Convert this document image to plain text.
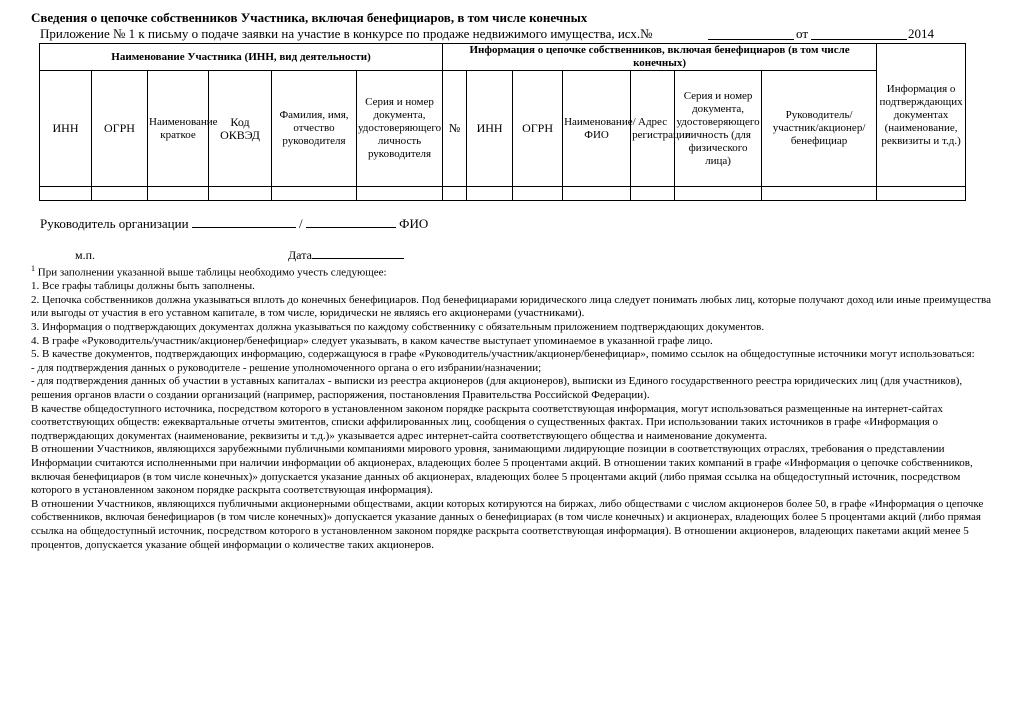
Сведения о цепочке собственников Участника, включая бенефициаров, в том числе конечных
Приложение № 1 к письму о подаче заявки на участие в конкурсе по продаже недвижимого имущества, исх.№	от	2014
Наименование Участника (ИНН, вид деятельности)						Информация о цепочке собственников, включая бенефициаров (в том числе конечных)							Информация о подтверждающих документах (наименование, реквизиты и т.д.)
ИНН	ОГРН	Наименование краткое	Код ОКВЭД	Фамилия, имя, отчество руководителя	Серия и номер документа, удостоверяющего личность руководителя	№	ИНН	ОГРН	Наименование/ФИО	Адрес регистрации	Серия и номер документа, удостоверяющего личность (для физического лица)	Руководитель/ участник/акционер/ бенефициар	

Руководитель организации	/	ФИО
м.п.	Дата

$^1$ При заполнении указанной выше таблицы необходимо учесть следующее:

1. Все графы таблицы должны быть заполнены.

2. Цепочка собственников должна указываться вплоть до конечных бенефициаров. Под бенефициарами юридического лица следует понимать любых лиц, которые получают доход или иные преимущества или выгоды от участия в его уставном капитале, в том числе, юридически не являясь его акционерами (участниками).

3. Информация о подтверждающих документах должна указываться по каждому собственнику с обязательным приложением подтверждающих документов.

4. В графе «Руководитель/участник/акционер/бенефициар» следует указывать, в каком качестве выступает упоминаемое в указанной графе лицо.

5. В качестве документов, подтверждающих информацию, содержащуюся в графе «Руководитель/участник/акционер/бенефициар», помимо ссылок на общедоступные источники могут использоваться:

- для подтверждения данных о руководителе - решение уполномоченного органа о его избрании/назначении;

- для подтверждения данных об участии в уставных капиталах - выписки из реестра акционеров (для акционеров), выписки из Единого государственного реестра юридических лиц (для участников), решения органов власти о создании организаций (например, распоряжения, постановления Правительства Российской Федерации).

В качестве общедоступного источника, посредством которого в установленном законом порядке раскрыта соответствующая информация, могут использоваться размещенные на интернет-сайтах соответствующих обществ: ежеквартальные отчеты эмитентов, списки аффилированных лиц, сообщения о существенных фактах. При использовании таких источников в графе «Информация о подтверждающих документах (наименование, реквизиты и т.д.)» указывается адрес интернет-сайта соответствующего общества и наименование документа.

В отношении Участников, являющихся зарубежными публичными компаниями мирового уровня, занимающими лидирующие позиции в соответствующих отраслях, требования о представлении Информации считаются исполненными при наличии информации об акционерах, владеющих более 5 процентами акций. В отношении таких компаний в графе «Информация о цепочке собственников, включая бенефициаров (в том числе конечных)» допускается указание данных об акционерах, владеющих более 5 процентами акций (либо прямая ссылка на общедоступный источник, посредством которого в установленном законом порядке раскрыта соответствующая информация).

В отношении Участников, являющихся публичными акционерными обществами, акции которых котируются на биржах, либо обществами с числом акционеров более 50, в графе «Информация о цепочке собственников, включая бенефициаров (в том числе конечных)» допускается указание данных о бенефициарах (в том числе конечных) и акционерах, владеющих более 5 процентами акций (либо прямая ссылка на общедоступный источник, посредством которого в установленном законом порядке раскрыта соответствующая информация). В отношении акционеров, владеющих пакетами акций менее 5 процентов, допускается указание общей информации о количестве таких акционеров.
